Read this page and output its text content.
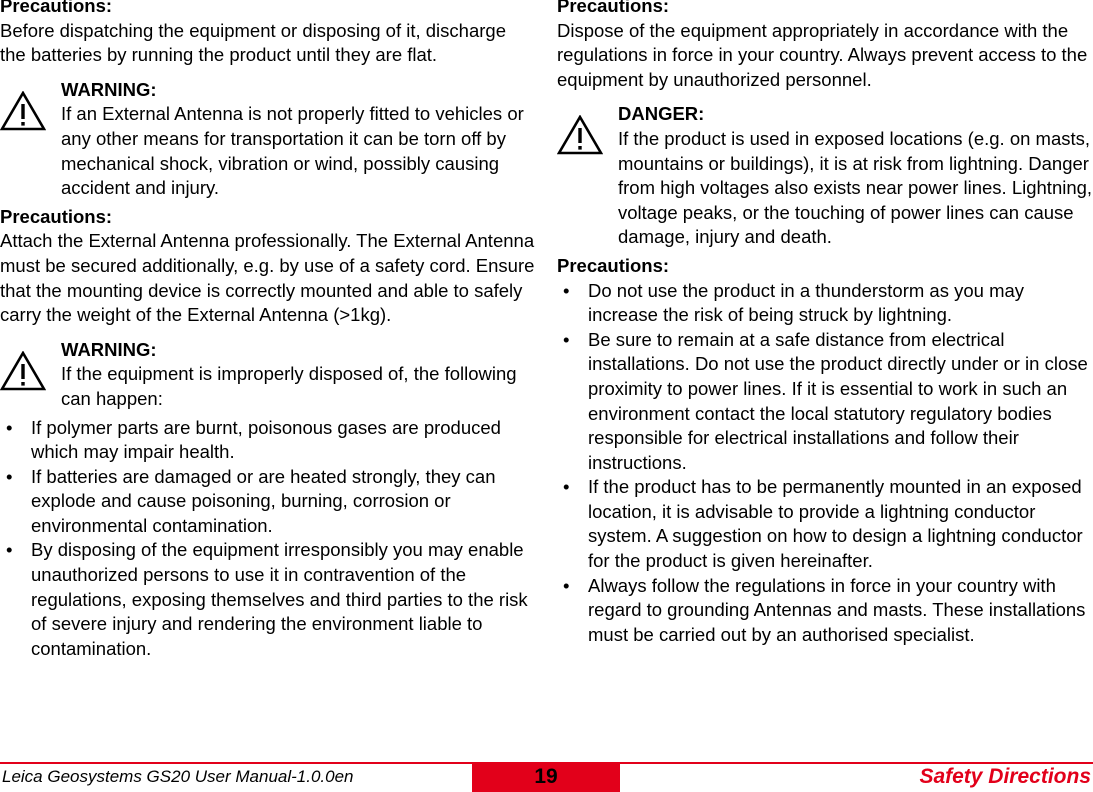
Precautions:

Before dispatching the equipment or disposing of it, discharge the batteries by running the product until they are flat.

WARNING:

If an External Antenna is not properly fitted to vehicles or any other means for transportation it can be torn off by mechanical shock, vibration or wind, possibly causing accident and injury.

Precautions:

Attach the External Antenna professionally. The External Antenna must be secured additionally, e.g. by use of a safety cord. Ensure that the mounting device is correctly mounted and able to safely carry the weight of the External Antenna (>1kg).

WARNING:

If the equipment is improperly disposed of, the following can happen:

• If polymer parts are burnt, poisonous gases are produced which may impair health.
• If batteries are damaged or are heated strongly, they can explode and cause poisoning, burning, corrosion or environmental contamination.
• By disposing of the equipment irresponsibly you may enable unauthorized persons to use it in contravention of the regulations, exposing themselves and third parties to the risk of severe injury and rendering the environment liable to contamination.

Precautions:

Dispose of the equipment appropriately in accordance with the regulations in force in your country. Always prevent access to the equipment by unauthorized personnel.

DANGER:

If the product is used in exposed locations (e.g. on masts, mountains or buildings), it is at risk from lightning. Danger from high voltages also exists near power lines. Lightning, voltage peaks, or the touching of power lines can cause damage, injury and death.

Precautions:

• Do not use the product in a thunderstorm as you may increase the risk of being struck by lightning.
• Be sure to remain at a safe distance from electrical installations. Do not use the product directly under or in close proximity to power lines. If it is essential to work in such an environment contact the local statutory regulatory bodies responsible for electrical installations and follow their instructions.
• If the product has to be permanently mounted in an exposed location, it is advisable to provide a lightning conductor system. A suggestion on how to design a lightning conductor for the product is given hereinafter.
• Always follow the regulations in force in your country with regard to grounding Antennas and masts. These installations must be carried out by an authorised specialist.
Leica Geosystems GS20 User Manual-1.0.0en	19	Safety Directions
